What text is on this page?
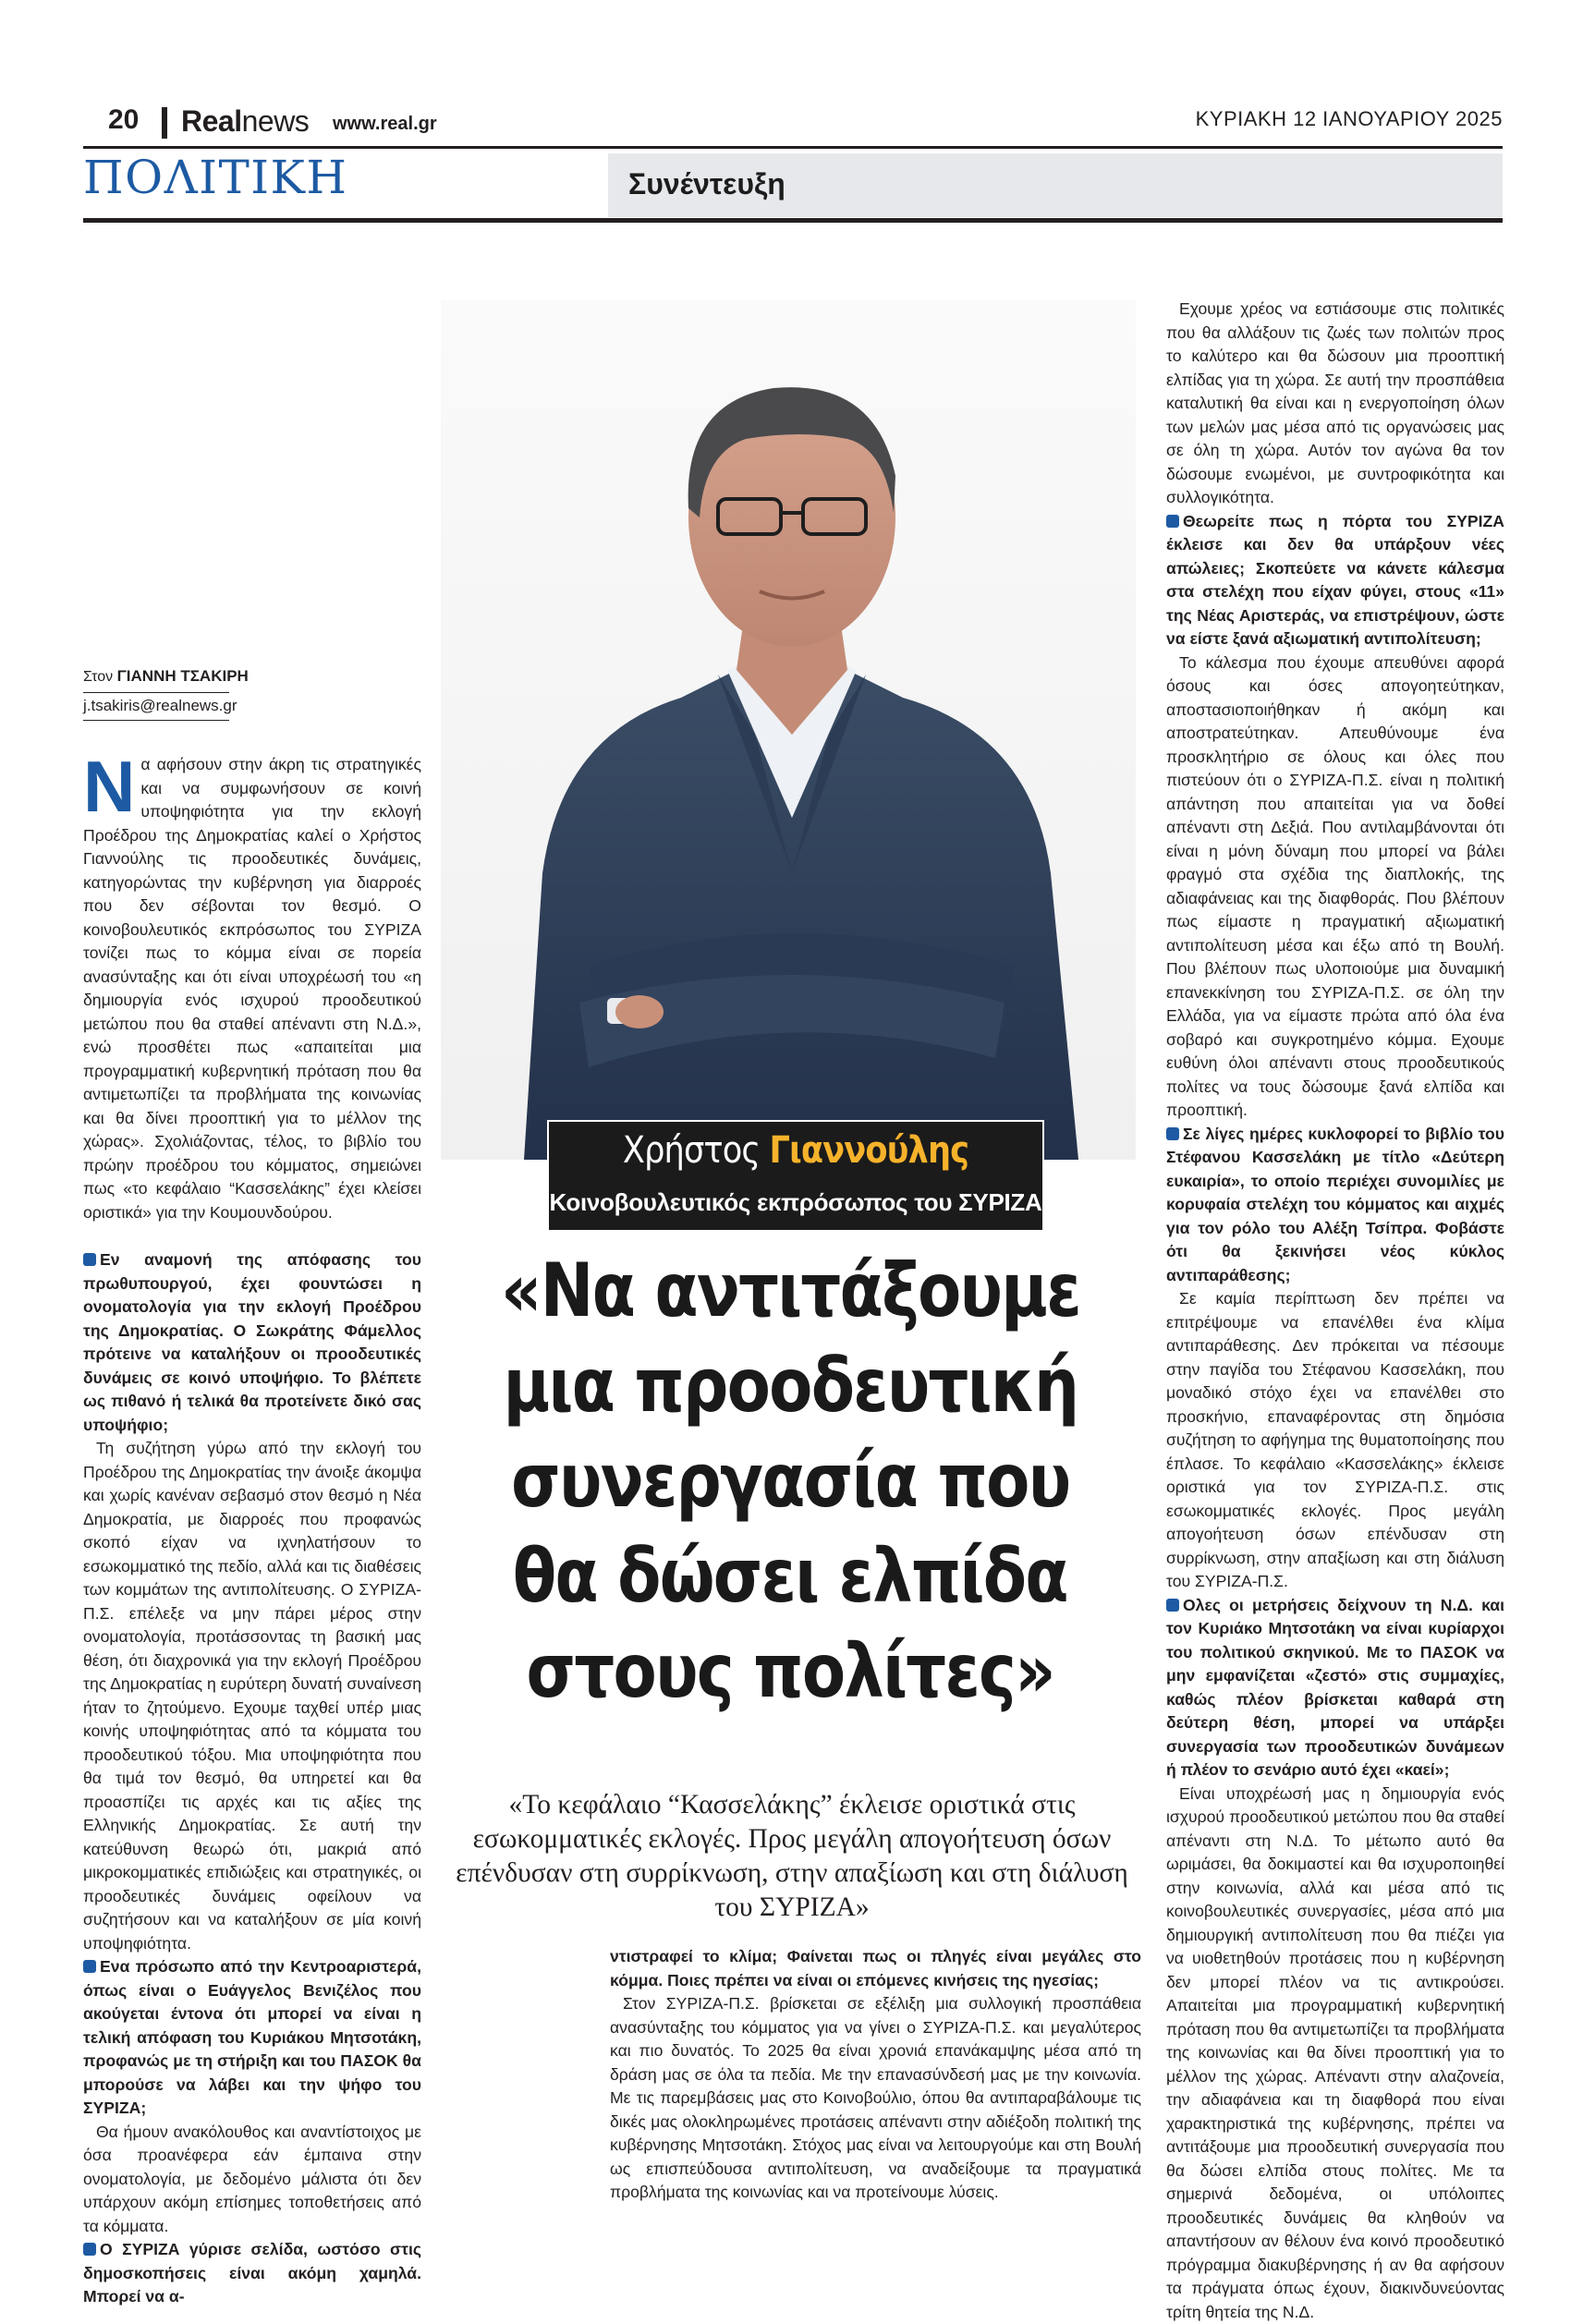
20 Realnews www.real.gr	ΚΥΡΙΑΚΗ 12 ΙΑΝΟΥΑΡΙΟΥ 2025
ΠΟΛΙΤΙΚΗ	Συνέντευξη
Χρήστος Γιαννούλης
Κοινοβουλευτικός εκπρόσωπος του ΣΥΡΙΖΑ
«Να αντιτάξουμε
μια προοδευτική
συνεργασία που
θα δώσει ελπίδα
στους πολίτες»
«Το κεφάλαιο “Κασσελάκης” έκλεισε οριστικά στις εσωκομματικές εκλογές. Προς μεγάλη απογοήτευση όσων επένδυσαν στη συρρίκνωση, στην απαξίωση και στη διάλυση του ΣΥΡΙΖΑ»
Στον ΓΙΑΝΝΗ ΤΣΑΚΙΡΗ
j.tsakiris@realnews.gr

Να αφήσουν στην άκρη τις στρατηγικές και να συμφωνήσουν σε κοινή υποψηφιότητα για την εκλογή Προέδρου της Δημοκρατίας καλεί ο Χρήστος Γιαννούλης τις προοδευτικές δυνάμεις, κατηγορώντας την κυβέρνηση για διαρροές που δεν σέβονται τον θεσμό. Ο κοινοβουλευτικός εκπρόσωπος του ΣΥΡΙΖΑ τονίζει πως το κόμμα είναι σε πορεία ανασύνταξης και ότι είναι υποχρέωσή του «η δημιουργία ενός ισχυρού προοδευτικού μετώπου που θα σταθεί απέναντι στη Ν.Δ.», ενώ προσθέτει πως «απαιτείται μια προγραμματική κυβερνητική πρόταση που θα αντιμετωπίζει τα προβλήματα της κοινωνίας και θα δίνει προοπτική για το μέλλον της χώρας». Σχολιάζοντας, τέλος, το βιβλίο του πρώην προέδρου του κόμματος, σημειώνει πως «το κεφάλαιο “Κασσελάκης” έχει κλείσει οριστικά» για την Κουμουνδούρου.

Εν αναμονή της απόφασης του πρωθυπουργού, έχει φουντώσει η ονοματολογία για την εκλογή Προέδρου της Δημοκρατίας. Ο Σωκράτης Φάμελλος πρότεινε να καταλήξουν οι προοδευτικές δυνάμεις σε κοινό υποψήφιο. Το βλέπετε ως πιθανό ή τελικά θα προτείνετε δικό σας υποψήφιο;

Τη συζήτηση γύρω από την εκλογή του Προέδρου της Δημοκρατίας την άνοιξε άκομψα και χωρίς κανέναν σεβασμό στον θεσμό η Νέα Δημοκρατία, με διαρροές που προφανώς σκοπό είχαν να ιχνηλατήσουν το εσωκομματικό της πεδίο, αλλά και τις διαθέσεις των κομμάτων της αντιπολίτευσης. Ο ΣΥΡΙΖΑ-Π.Σ. επέλεξε να μην πάρει μέρος στην ονοματολογία, προτάσσοντας τη βασική μας θέση, ότι διαχρονικά για την εκλογή Προέδρου της Δημοκρατίας η ευρύτερη δυνατή συναίνεση ήταν το ζητούμενο. Εχουμε ταχθεί υπέρ μιας κοινής υποψηφιότητας από τα κόμματα του προοδευτικού τόξου. Μια υποψηφιότητα που θα τιμά τον θεσμό, θα υπηρετεί και θα προασπίζει τις αρχές και τις αξίες της Ελληνικής Δημοκρατίας. Σε αυτή την κατεύθυνση θεωρώ ότι, μακριά από μικροκομματικές επιδιώξεις και στρατηγικές, οι προοδευτικές δυνάμεις οφείλουν να συζητήσουν και να καταλήξουν σε μία κοινή υποψηφιότητα.

Ενα πρόσωπο από την Κεντροαριστερά, όπως είναι ο Ευάγγελος Βενιζέλος που ακούγεται έντονα ότι μπορεί να είναι η τελική απόφαση του Κυριάκου Μητσοτάκη, προφανώς με τη στήριξη και του ΠΑΣΟΚ θα μπορούσε να λάβει και την ψήφο του ΣΥΡΙΖΑ;

Θα ήμουν ανακόλουθος και αναντίστοιχος με όσα προανέφερα εάν έμπαινα στην ονοματολογία, με δεδομένο μάλιστα ότι δεν υπάρχουν ακόμη επίσημες τοποθετήσεις από τα κόμματα.

Ο ΣΥΡΙΖΑ γύρισε σελίδα, ωστόσο στις δημοσκοπήσεις είναι ακόμη χαμηλά. Μπορεί να α-

ντιστραφεί το κλίμα; Φαίνεται πως οι πληγές είναι μεγάλες στο κόμμα. Ποιες πρέπει να είναι οι επόμενες κινήσεις της ηγεσίας;

Στον ΣΥΡΙΖΑ-Π.Σ. βρίσκεται σε εξέλιξη μια συλλογική προσπάθεια ανασύνταξης του κόμματος για να γίνει ο ΣΥΡΙΖΑ-Π.Σ. και μεγαλύτερος και πιο δυνατός. Το 2025 θα είναι χρονιά επανάκαμψης μέσα από τη δράση μας σε όλα τα πεδία. Με την επανασύνδεσή μας με την κοινωνία. Με τις παρεμβάσεις μας στο Κοινοβούλιο, όπου θα αντιπαραβάλουμε τις δικές μας ολοκληρωμένες προτάσεις απέναντι στην αδιέξοδη πολιτική της κυβέρνησης Μητσοτάκη. Στόχος μας είναι να λειτουργούμε και στη Βουλή ως επισπεύδουσα αντιπολίτευση, να αναδείξουμε τα πραγματικά προβλήματα της κοινωνίας και να προτείνουμε λύσεις.

Εχουμε χρέος να εστιάσουμε στις πολιτικές που θα αλλάξουν τις ζωές των πολιτών προς το καλύτερο και θα δώσουν μια προοπτική ελπίδας για τη χώρα. Σε αυτή την προσπάθεια καταλυτική θα είναι και η ενεργοποίηση όλων των μελών μας μέσα από τις οργανώσεις μας σε όλη τη χώρα. Αυτόν τον αγώνα θα τον δώσουμε ενωμένοι, με συντροφικότητα και συλλογικότητα.

Θεωρείτε πως η πόρτα του ΣΥΡΙΖΑ έκλεισε και δεν θα υπάρξουν νέες απώλειες; Σκοπεύετε να κάνετε κάλεσμα στα στελέχη που είχαν φύγει, στους «11» της Νέας Αριστεράς, να επιστρέψουν, ώστε να είστε ξανά αξιωματική αντιπολίτευση;

Το κάλεσμα που έχουμε απευθύνει αφορά όσους και όσες απογοητεύτηκαν, αποστασιοποιήθηκαν ή ακόμη και αποστρατεύτηκαν. Απευθύνουμε ένα προσκλητήριο σε όλους και όλες που πιστεύουν ότι ο ΣΥΡΙΖΑ-Π.Σ. είναι η πολιτική απάντηση που απαιτείται για να δοθεί απέναντι στη Δεξιά. Που αντιλαμβάνονται ότι είναι η μόνη δύναμη που μπορεί να βάλει φραγμό στα σχέδια της διαπλοκής, της αδιαφάνειας και της διαφθοράς. Που βλέπουν πως είμαστε η πραγματική αξιωματική αντιπολίτευση μέσα και έξω από τη Βουλή. Που βλέπουν πως υλοποιούμε μια δυναμική επανεκκίνηση του ΣΥΡΙΖΑ-Π.Σ. σε όλη την Ελλάδα, για να είμαστε πρώτα από όλα ένα σοβαρό και συγκροτημένο κόμμα. Εχουμε ευθύνη όλοι απέναντι στους προοδευτικούς πολίτες να τους δώσουμε ξανά ελπίδα και προοπτική.

Σε λίγες ημέρες κυκλοφορεί το βιβλίο του Στέφανου Κασσελάκη με τίτλο «Δεύτερη ευκαιρία», το οποίο περιέχει συνομιλίες με κορυφαία στελέχη του κόμματος και αιχμές για τον ρόλο του Αλέξη Τσίπρα. Φοβάστε ότι θα ξεκινήσει νέος κύκλος αντιπαράθεσης;

Σε καμία περίπτωση δεν πρέπει να επιτρέψουμε να επανέλθει ένα κλίμα αντιπαράθεσης. Δεν πρόκειται να πέσουμε στην παγίδα του Στέφανου Κασσελάκη, που μοναδικό στόχο έχει να επανέλθει στο προσκήνιο, επαναφέροντας στη δημόσια συζήτηση το αφήγημα της θυματοποίησης που έπλασε. Το κεφάλαιο «Κασσελάκης» έκλεισε οριστικά για τον ΣΥΡΙΖΑ-Π.Σ. στις εσωκομματικές εκλογές. Προς μεγάλη απογοήτευση όσων επένδυσαν στη συρρίκνωση, στην απαξίωση και στη διάλυση του ΣΥΡΙΖΑ-Π.Σ.

Ολες οι μετρήσεις δείχνουν τη Ν.Δ. και τον Κυριάκο Μητσοτάκη να είναι κυρίαρχοι του πολιτικού σκηνικού. Με το ΠΑΣΟΚ να μην εμφανίζεται «ζεστό» στις συμμαχίες, καθώς πλέον βρίσκεται καθαρά στη δεύτερη θέση, μπορεί να υπάρξει συνεργασία των προοδευτικών δυνάμεων ή πλέον το σενάριο αυτό έχει «καεί»;

Είναι υποχρέωσή μας η δημιουργία ενός ισχυρού προοδευτικού μετώπου που θα σταθεί απέναντι στη Ν.Δ. Το μέτωπο αυτό θα ωριμάσει, θα δοκιμαστεί και θα ισχυροποιηθεί στην κοινωνία, αλλά και μέσα από τις κοινοβουλευτικές συνεργασίες, μέσα από μια δημιουργική αντιπολίτευση που θα πιέζει για να υιοθετηθούν προτάσεις που η κυβέρνηση δεν μπορεί πλέον να τις αντικρούσει. Απαιτείται μια προγραμματική κυβερνητική πρόταση που θα αντιμετωπίζει τα προβλήματα της κοινωνίας και θα δίνει προοπτική για το μέλλον της χώρας. Απέναντι στην αλαζονεία, την αδιαφάνεια και τη διαφθορά που είναι χαρακτηριστικά της κυβέρνησης, πρέπει να αντιτάξουμε μια προοδευτική συνεργασία που θα δώσει ελπίδα στους πολίτες. Με τα σημερινά δεδομένα, οι υπόλοιπες προοδευτικές δυνάμεις θα κληθούν να απαντήσουν αν θέλουν ένα κοινό προοδευτικό πρόγραμμα διακυβέρνησης ή αν θα αφήσουν τα πράγματα όπως έχουν, διακινδυνεύοντας τρίτη θητεία της Ν.Δ.
